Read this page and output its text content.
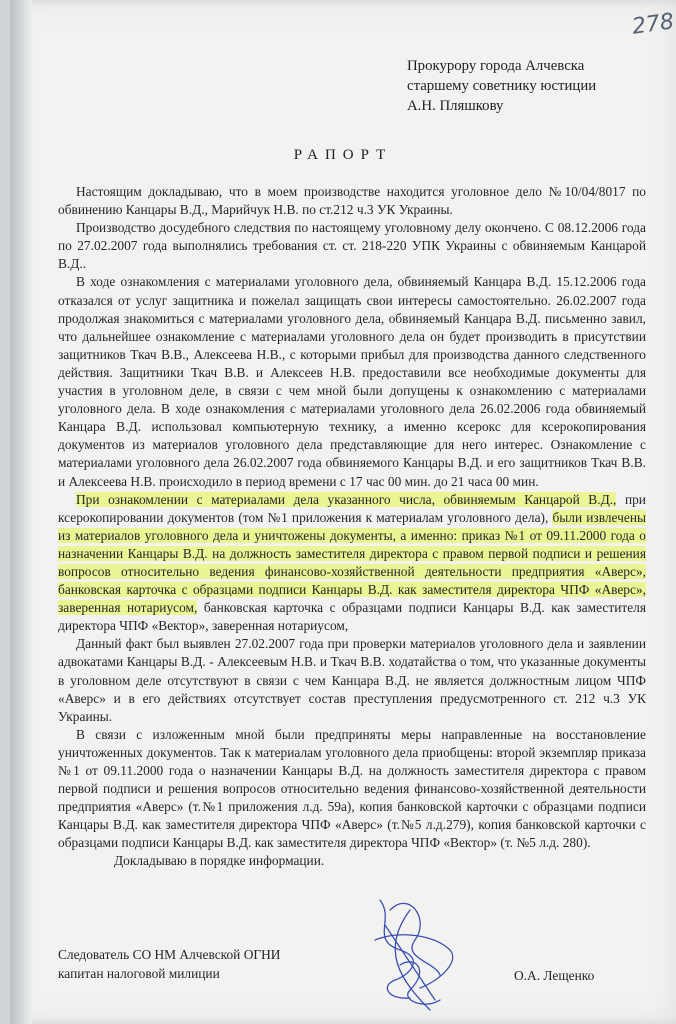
278
Прокурору города Алчевска
старшему советнику юстиции
А.Н. Пляшкову
РАПОРТ

Настоящим докладываю, что в моем производстве находится уголовное дело №10/04/8017 по обвинению Канцары В.Д., Марийчук Н.В. по ст.212 ч.3 УК Украины.

Производство досудебного следствия по настоящему уголовному делу окончено. С 08.12.2006 года по 27.02.2007 года выполнялись требования ст. ст. 218-220 УПК Украины с обвиняемым Канцарой В.Д..

В ходе ознакомления с материалами уголовного дела, обвиняемый Канцара В.Д. 15.12.2006 года отказался от услуг защитника и пожелал защищать свои интересы самостоятельно. 26.02.2007 года продолжая знакомиться с материалами уголовного дела, обвиняемый Канцара В.Д. письменно завил, что дальнейшее ознакомление с материалами уголовного дела он будет производить в присутствии защитников Ткач В.В., Алексеева Н.В., с которыми прибыл для производства данного следственного действия. Защитники Ткач В.В. и Алексеев Н.В. предоставили все необходимые документы для участия в уголовном деле, в связи с чем мной были допущены к ознакомлению с материалами уголовного дела. В ходе ознакомления с материалами уголовного дела 26.02.2006 года обвиняемый Канцара В.Д. использовал компьютерную технику, а именно ксерокс для ксерокопирования документов из материалов уголовного дела представляющие для него интерес. Ознакомление с материалами уголовного дела 26.02.2007 года обвиняемого Канцары В.Д. и его защитников Ткач В.В. и Алексеева Н.В. происходило в период времени с 17 час 00 мин. до 21 часа 00 мин.

При ознакомлении с материалами дела указанного числа, обвиняемым Канцарой В.Д., при ксерокопировании документов (том №1 приложения к материалам уголовного дела), были извлечены из материалов уголовного дела и уничтожены документы, а именно: приказ №1 от 09.11.2000 года о назначении Канцары В.Д. на должность заместителя директора с правом первой подписи и решения вопросов относительно ведения финансово-хозяйственной деятельности предприятия «Аверс», банковская карточка с образцами подписи Канцары В.Д. как заместителя директора ЧПФ «Аверс», заверенная нотариусом, банковская карточка с образцами подписи Канцары В.Д. как заместителя директора ЧПФ «Вектор», заверенная нотариусом,

Данный факт был выявлен 27.02.2007 года при проверки материалов уголовного дела и заявлении адвокатами Канцары В.Д. - Алексеевым Н.В. и Ткач В.В. ходатайства о том, что указанные документы в уголовном деле отсутствуют в связи с чем Канцара В.Д. не является должностным лицом ЧПФ «Аверс» и в его действиях отсутствует состав преступления предусмотренного ст. 212 ч.3 УК Украины.

В связи с изложенным мной были предприняты меры направленные на восстановление уничтоженных документов. Так к материалам уголовного дела приобщены: второй экземпляр приказа №1 от 09.11.2000 года о назначении Канцары В.Д. на должность заместителя директора с правом первой подписи и решения вопросов относительно ведения финансово-хозяйственной деятельности предприятия «Аверс» (т.№1 приложения л.д. 59а), копия банковской карточки с образцами подписи Канцары В.Д. как заместителя директора ЧПФ «Аверс» (т.№5 л.д.279), копия банковской карточки с образцами подписи Канцары В.Д. как заместителя директора ЧПФ «Вектор» (т. №5 л.д. 280).

Докладываю в порядке информации.

Следователь СО НМ Алчевской ОГНИ
капитан налоговой милиции	О.А. Лещенко
